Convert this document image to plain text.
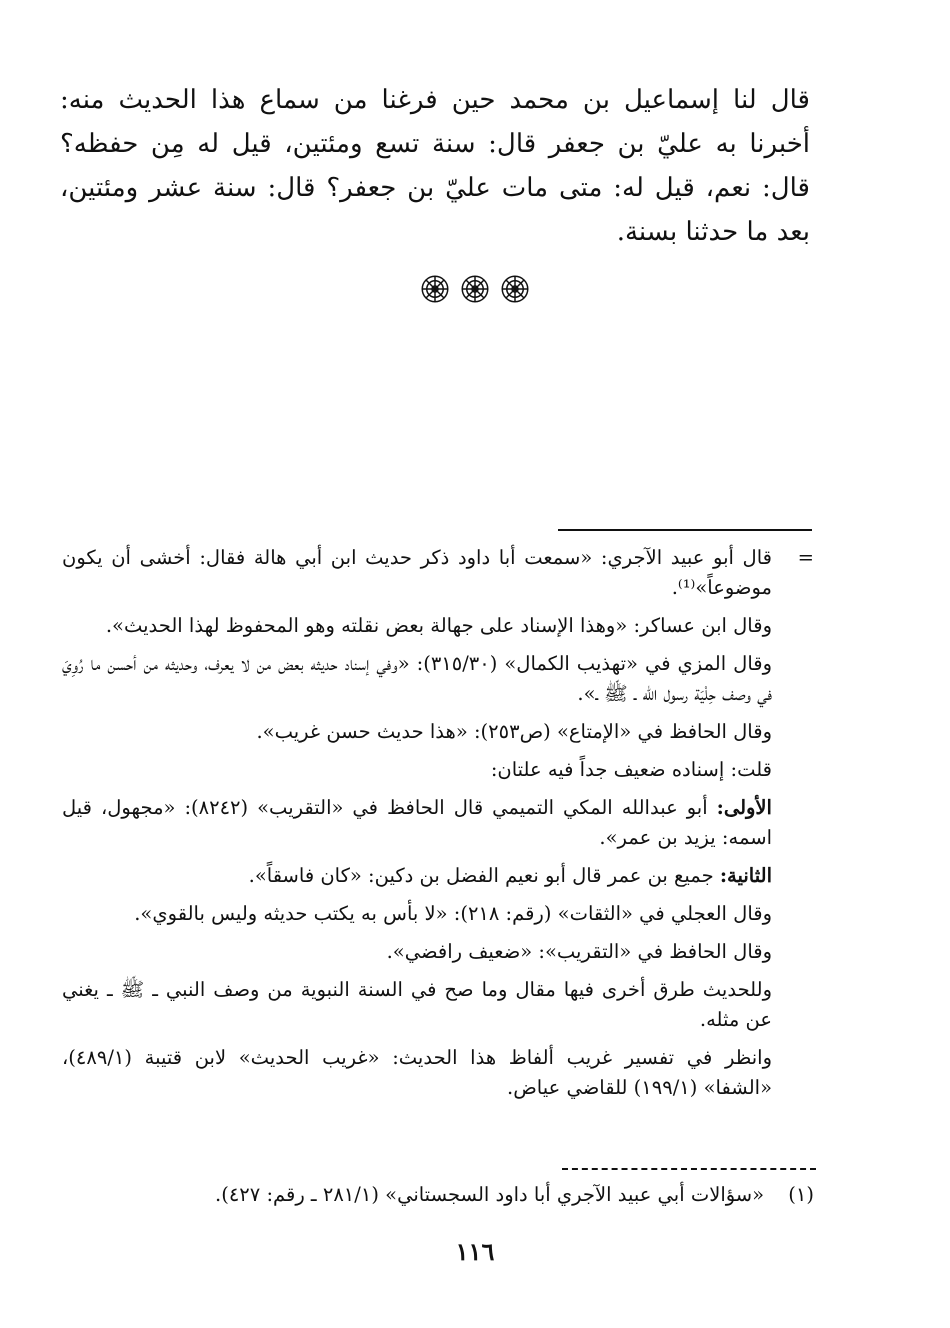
قال لنا إسماعيل بن محمد حين فرغنا من سماع هذا الحديث منه: أخبرنا به عليّ بن جعفر قال: سنة تسع ومئتين، قيل له مِن حفظه؟ قال: نعم، قيل له: متى مات عليّ بن جعفر؟ قال: سنة عشر ومئتين، بعد ما حدثنا بسنة.

=
قال أبو عبيد الآجري: «سمعت أبا داود ذكر حديث ابن أبي هالة فقال: أخشى أن يكون موضوعاً»⁽¹⁾.
وقال ابن عساكر: «وهذا الإسناد على جهالة بعض نقلته وهو المحفوظ لهذا الحديث».
وقال المزي في «تهذيب الكمال» (٣١٥/٣٠): «وفي إسناد حديثه بعض من لا يعرف، وحديثه من أحسن ما رُوِيَ في وصف حِلْيَة رسول الله ـ ﷺ ـ».
وقال الحافظ في «الإمتاع» (ص٢٥٣): «هذا حديث حسن غريب».
قلت: إسناده ضعيف جداً فيه علتان:
الأولى: أبو عبدالله المكي التميمي قال الحافظ في «التقريب» (٨٢٤٢): «مجهول، قيل اسمه: يزيد بن عمر».
الثانية: جميع بن عمر قال أبو نعيم الفضل بن دكين: «كان فاسقاً».
وقال العجلي في «الثقات» (رقم: ٢١٨): «لا بأس به يكتب حديثه وليس بالقوي».
وقال الحافظ في «التقريب»: «ضعيف رافضي».
وللحديث طرق أخرى فيها مقال وما صح في السنة النبوية من وصف النبي ـ ﷺ ـ يغني عن مثله.
وانظر في تفسير غريب ألفاظ هذا الحديث: «غريب الحديث» لابن قتيبة (٤٨٩/١)، «الشفا» (١٩٩/١) للقاضي عياض.
(١) «سؤالات أبي عبيد الآجري أبا داود السجستاني» (٢٨١/١ ـ رقم: ٤٢٧).
١١٦
